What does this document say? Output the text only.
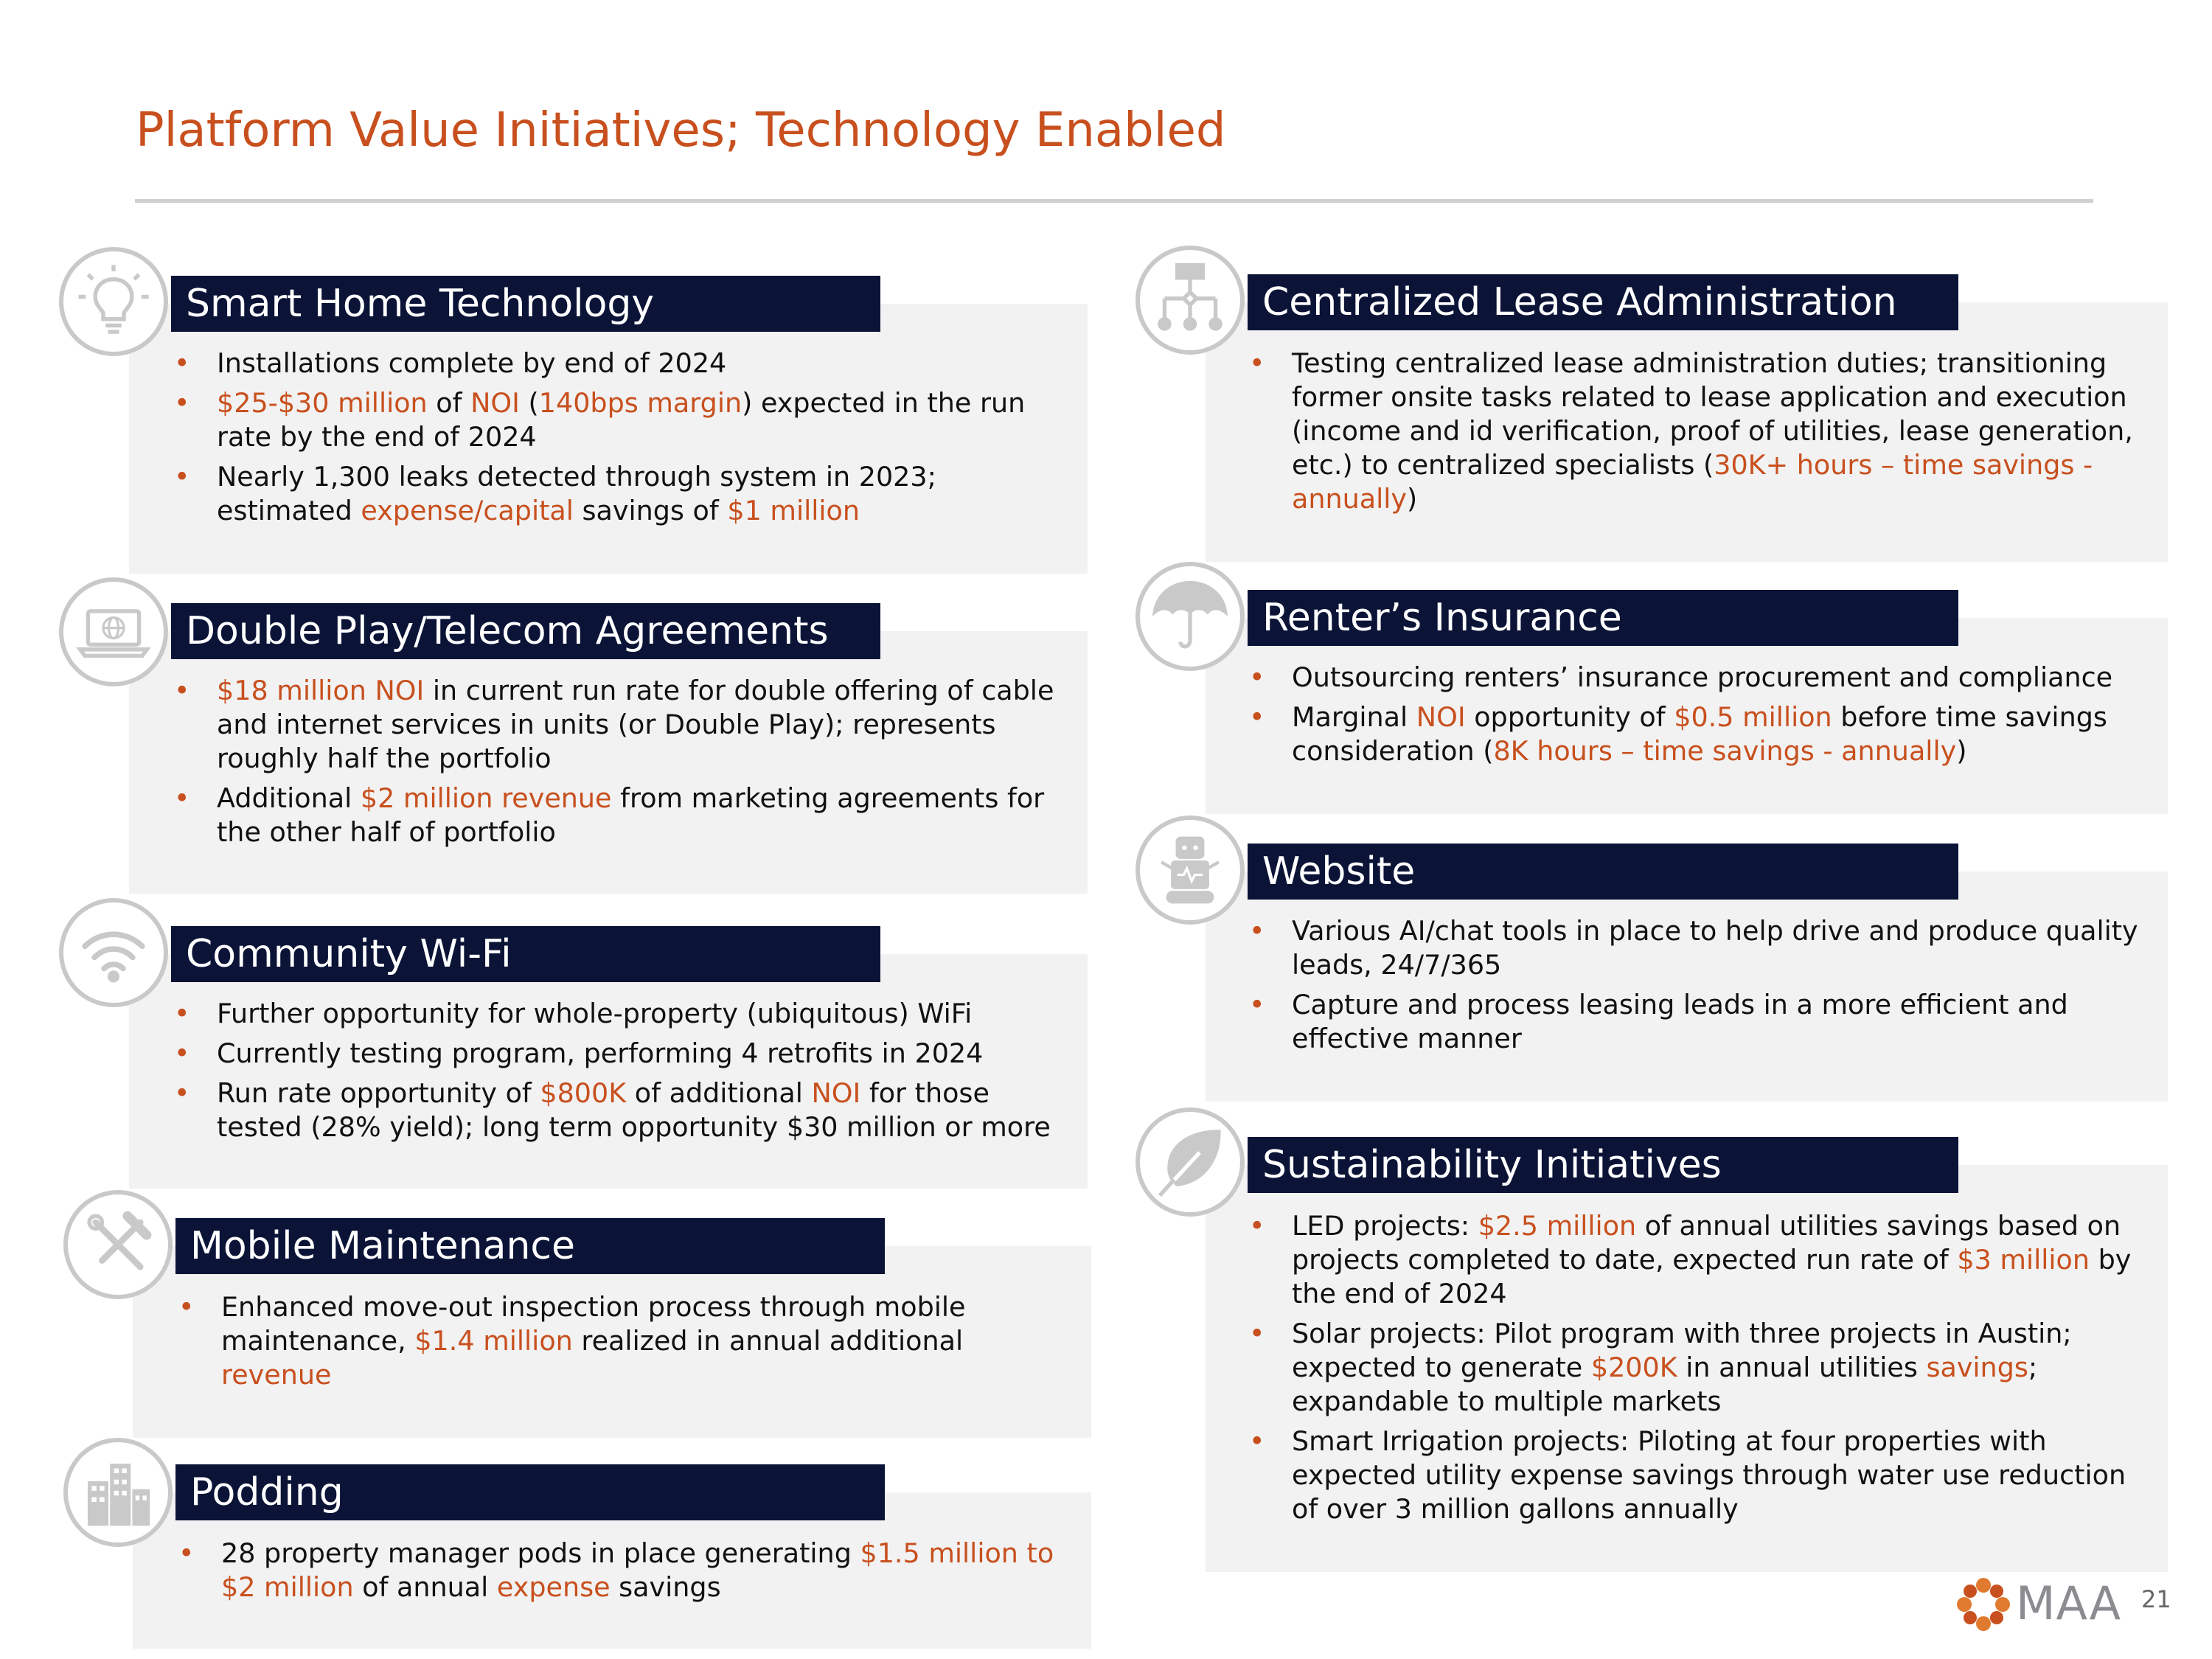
Platform Value Initiatives; Technology Enabled
Smart Home Technology
• Installations complete by end of 2024
• $25-$30 million of NOI (140bps margin) expected in the run rate by the end of 2024
• Nearly 1,300 leaks detected through system in 2023; estimated expense/capital savings of $1 million
Double Play/Telecom Agreements
• $18 million NOI in current run rate for double offering of cable and internet services in units (or Double Play); represents roughly half the portfolio
• Additional $2 million revenue from marketing agreements for the other half of portfolio
Community Wi-Fi
• Further opportunity for whole-property (ubiquitous) WiFi
• Currently testing program, performing 4 retrofits in 2024
• Run rate opportunity of $800K of additional NOI for those tested (28% yield); long term opportunity $30 million or more
Mobile Maintenance
• Enhanced move-out inspection process through mobile maintenance, $1.4 million realized in annual additional revenue
Podding
• 28 property manager pods in place generating $1.5 million to $2 million of annual expense savings
Centralized Lease Administration
• Testing centralized lease administration duties; transitioning former onsite tasks related to lease application and execution (income and id verification, proof of utilities, lease generation, etc.) to centralized specialists (30K+ hours – time savings - annually)
Renter’s Insurance
• Outsourcing renters’ insurance procurement and compliance
• Marginal NOI opportunity of $0.5 million before time savings consideration (8K hours – time savings - annually)
Website
• Various AI/chat tools in place to help drive and produce quality leads, 24/7/365
• Capture and process leasing leads in a more efficient and effective manner
Sustainability Initiatives
• LED projects: $2.5 million of annual utilities savings based on projects completed to date, expected run rate of $3 million by the end of 2024
• Solar projects: Pilot program with three projects in Austin; expected to generate $200K in annual utilities savings; expandable to multiple markets
• Smart Irrigation projects: Piloting at four properties with expected utility expense savings through water use reduction of over 3 million gallons annually
MAA 21
